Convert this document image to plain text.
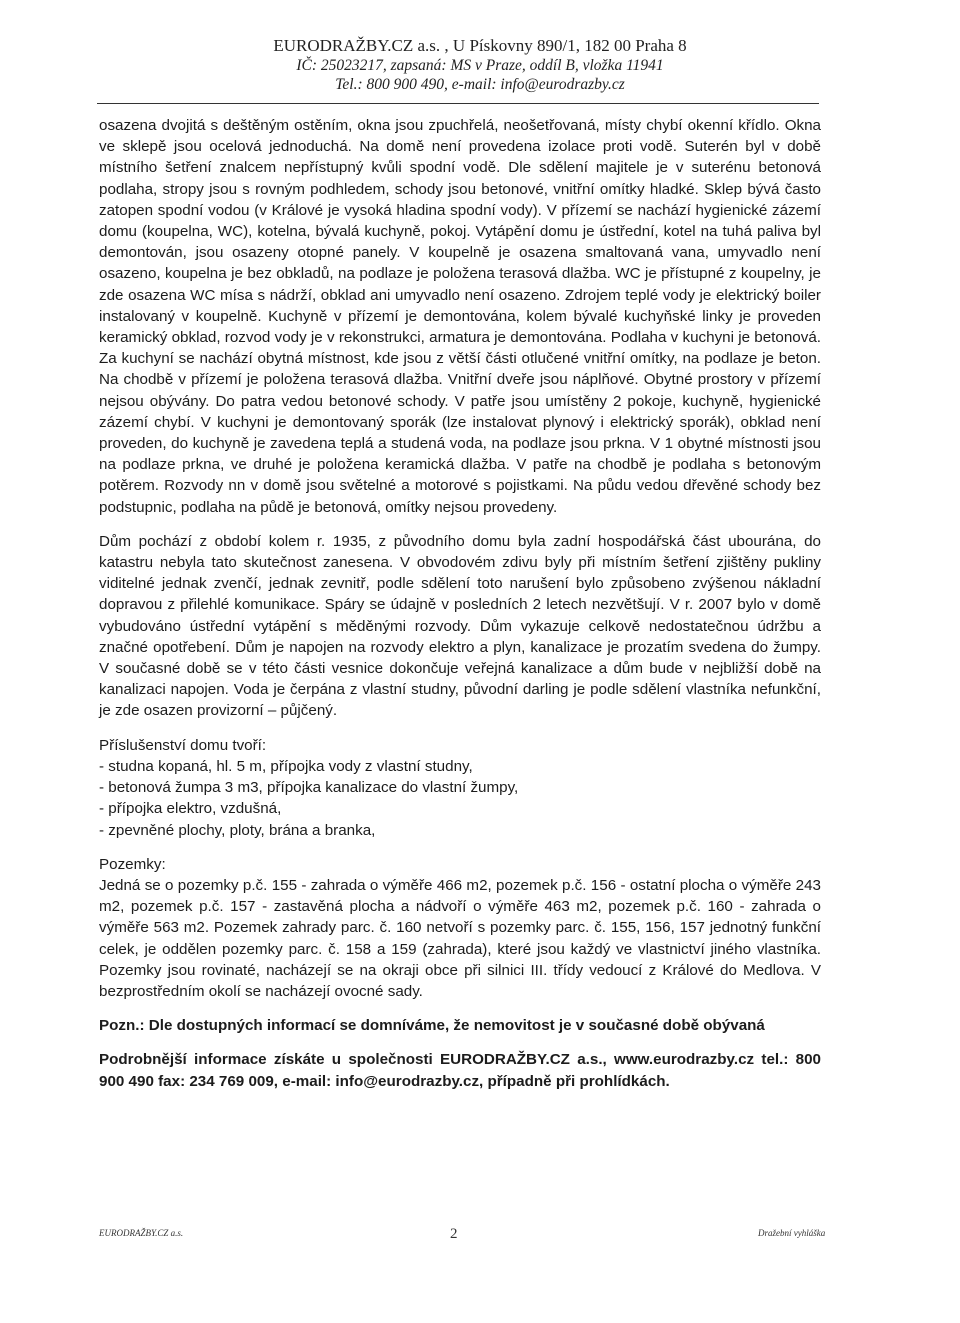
EURODRAŽBY.CZ a.s. , U Pískovny 890/1, 182 00 Praha 8
IČ: 25023217, zapsaná: MS v Praze, oddíl B, vložka 11941
Tel.: 800 900 490, e-mail: info@eurodrazby.cz

osazena dvojitá s deštěným ostěním, okna jsou zpuchřelá, neošetřovaná, místy chybí okenní křídlo. Okna ve sklepě jsou ocelová jednoduchá. Na domě není provedena izolace proti vodě. Suterén byl v době místního šetření znalcem nepřístupný kvůli spodní vodě. Dle sdělení majitele je v suterénu betonová podlaha, stropy jsou s rovným podhledem, schody jsou betonové, vnitřní omítky hladké. Sklep bývá často zatopen spodní vodou (v Králové je vysoká hladina spodní vody). V přízemí se nachází hygienické zázemí domu (koupelna, WC), kotelna, bývalá kuchyně, pokoj. Vytápění domu je ústřední, kotel na tuhá paliva byl demontován, jsou osazeny otopné panely. V koupelně je osazena smaltovaná vana, umyvadlo není osazeno, koupelna je bez obkladů, na podlaze je položena terasová dlažba. WC je přístupné z koupelny, je zde osazena WC mísa s nádrží, obklad ani umyvadlo není osazeno. Zdrojem teplé vody je elektrický boiler instalovaný v koupelně. Kuchyně v přízemí je demontována, kolem bývalé kuchyňské linky je proveden keramický obklad, rozvod vody je v rekonstrukci, armatura je demontována. Podlaha v kuchyni je betonová. Za kuchyní se nachází obytná místnost, kde jsou z větší části otlučené vnitřní omítky, na podlaze je beton. Na chodbě v přízemí je položena terasová dlažba. Vnitřní dveře jsou náplňové. Obytné prostory v přízemí nejsou obývány. Do patra vedou betonové schody. V patře jsou umístěny 2 pokoje, kuchyně, hygienické zázemí chybí. V kuchyni je demontovaný sporák (lze instalovat plynový i elektrický sporák), obklad není proveden, do kuchyně je zavedena teplá a studená voda, na podlaze jsou prkna. V 1 obytné místnosti jsou na podlaze prkna, ve druhé je položena keramická dlažba. V patře na chodbě je podlaha s betonovým potěrem. Rozvody nn v domě jsou světelné a motorové s pojistkami. Na půdu vedou dřevěné schody bez podstupnic, podlaha na půdě je betonová, omítky nejsou provedeny.

Dům pochází z období kolem r. 1935, z původního domu byla zadní hospodářská část ubourána, do katastru nebyla tato skutečnost zanesena. V obvodovém zdivu byly při místním šetření zjištěny pukliny viditelné jednak zvenčí, jednak zevnitř, podle sdělení toto narušení bylo způsobeno zvýšenou nákladní dopravou z přilehlé komunikace. Spáry se údajně v posledních 2 letech nezvětšují. V r. 2007 bylo v domě vybudováno ústřední vytápění s měděnými rozvody. Dům vykazuje celkově nedostatečnou údržbu a značné opotřebení. Dům je napojen na rozvody elektro a plyn, kanalizace je prozatím svedena do žumpy. V současné době se v této části vesnice dokončuje veřejná kanalizace a dům bude v nejbližší době na kanalizaci napojen. Voda je čerpána z vlastní studny, původní darling je podle sdělení vlastníka nefunkční, je zde osazen provizorní – půjčený.

Příslušenství domu tvoří:

- studna kopaná, hl. 5 m, přípojka vody z vlastní studny,

- betonová žumpa 3 m3, přípojka kanalizace do vlastní žumpy,

- přípojka elektro, vzdušná,

- zpevněné plochy, ploty, brána a branka,

Pozemky:

Jedná se o pozemky p.č. 155 - zahrada o výměře 466 m2, pozemek p.č. 156 - ostatní plocha o výměře 243 m2, pozemek p.č. 157 - zastavěná plocha a nádvoří o výměře 463 m2, pozemek p.č. 160 - zahrada o výměře 563 m2. Pozemek zahrady parc. č. 160 netvoří s pozemky parc. č. 155, 156, 157 jednotný funkční celek, je oddělen pozemky parc. č. 158 a 159 (zahrada), které jsou každý ve vlastnictví jiného vlastníka. Pozemky jsou rovinaté, nacházejí se na okraji obce při silnici III. třídy vedoucí z Králové do Medlova. V bezprostředním okolí se nacházejí ovocné sady.

Pozn.: Dle dostupných informací se domníváme, že nemovitost je v současné době obývaná

Podrobnější informace získáte u společnosti EURODRAŽBY.CZ a.s., www.eurodrazby.cz tel.: 800 900 490 fax: 234 769 009, e-mail: info@eurodrazby.cz, případně při prohlídkách.

EURODRAŽBY.CZ a.s.	2	Dražební vyhláška
